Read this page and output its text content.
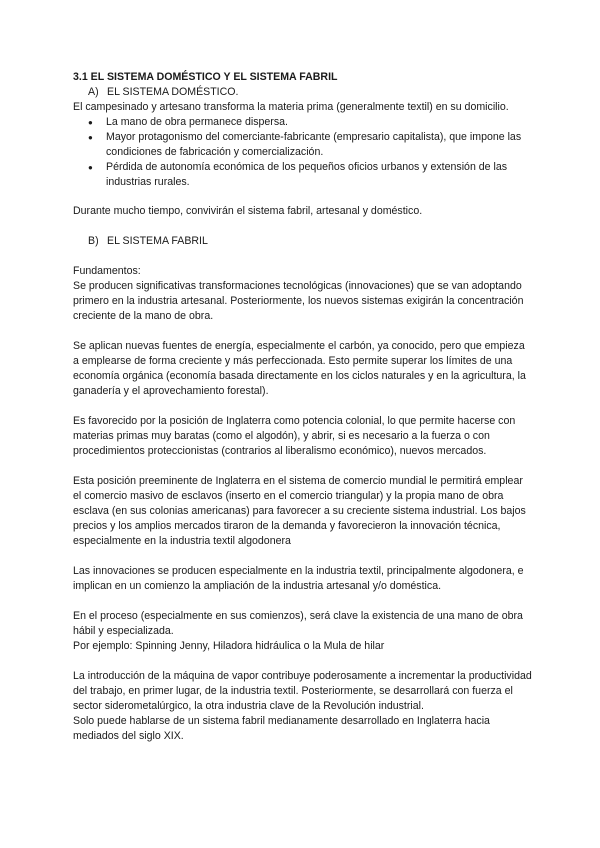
3.1 EL SISTEMA DOMÉSTICO Y EL SISTEMA FABRIL

A) EL SISTEMA DOMÉSTICO.

El campesinado y artesano transforma la materia prima (generalmente textil) en su domicilio.

● La mano de obra permanece dispersa.
● Mayor protagonismo del comerciante-fabricante (empresario capitalista), que impone las condiciones de fabricación y comercialización.
● Pérdida de autonomía económica de los pequeños oficios urbanos y extensión de las industrias rurales.

Durante mucho tiempo, convivirán el sistema fabril, artesanal y doméstico.

B) EL SISTEMA FABRIL

Fundamentos:

Se producen significativas transformaciones tecnológicas (innovaciones) que se van adoptando primero en la industria artesanal. Posteriormente, los nuevos sistemas exigirán la concentración creciente de la mano de obra.

Se aplican nuevas fuentes de energía, especialmente el carbón, ya conocido, pero que empieza a emplearse de forma creciente y más perfeccionada. Esto permite superar los límites de una economía orgánica (economía basada directamente en los ciclos naturales y en la agricultura, la ganadería y el aprovechamiento forestal).

Es favorecido por la posición de Inglaterra como potencia colonial, lo que permite hacerse con materias primas muy baratas (como el algodón), y abrir, si es necesario a la fuerza o con procedimientos proteccionistas (contrarios al liberalismo económico), nuevos mercados.

Esta posición preeminente de Inglaterra en el sistema de comercio mundial le permitirá emplear el comercio masivo de esclavos (inserto en el comercio triangular) y la propia mano de obra esclava (en sus colonias americanas) para favorecer a su creciente sistema industrial. Los bajos precios y los amplios mercados tiraron de la demanda y favorecieron la innovación técnica, especialmente en la industria textil algodonera

Las innovaciones se producen especialmente en la industria textil, principalmente algodonera, e implican en un comienzo la ampliación de la industria artesanal y/o doméstica.

En el proceso (especialmente en sus comienzos), será clave la existencia de una mano de obra hábil y especializada.

Por ejemplo: Spinning Jenny, Hiladora hidráulica o la Mula de hilar

La introducción de la máquina de vapor contribuye poderosamente a incrementar la productividad del trabajo, en primer lugar, de la industria textil. Posteriormente, se desarrollará con fuerza el sector siderometalúrgico, la otra industria clave de la Revolución industrial.

Solo puede hablarse de un sistema fabril medianamente desarrollado en Inglaterra hacia mediados del siglo XIX.
